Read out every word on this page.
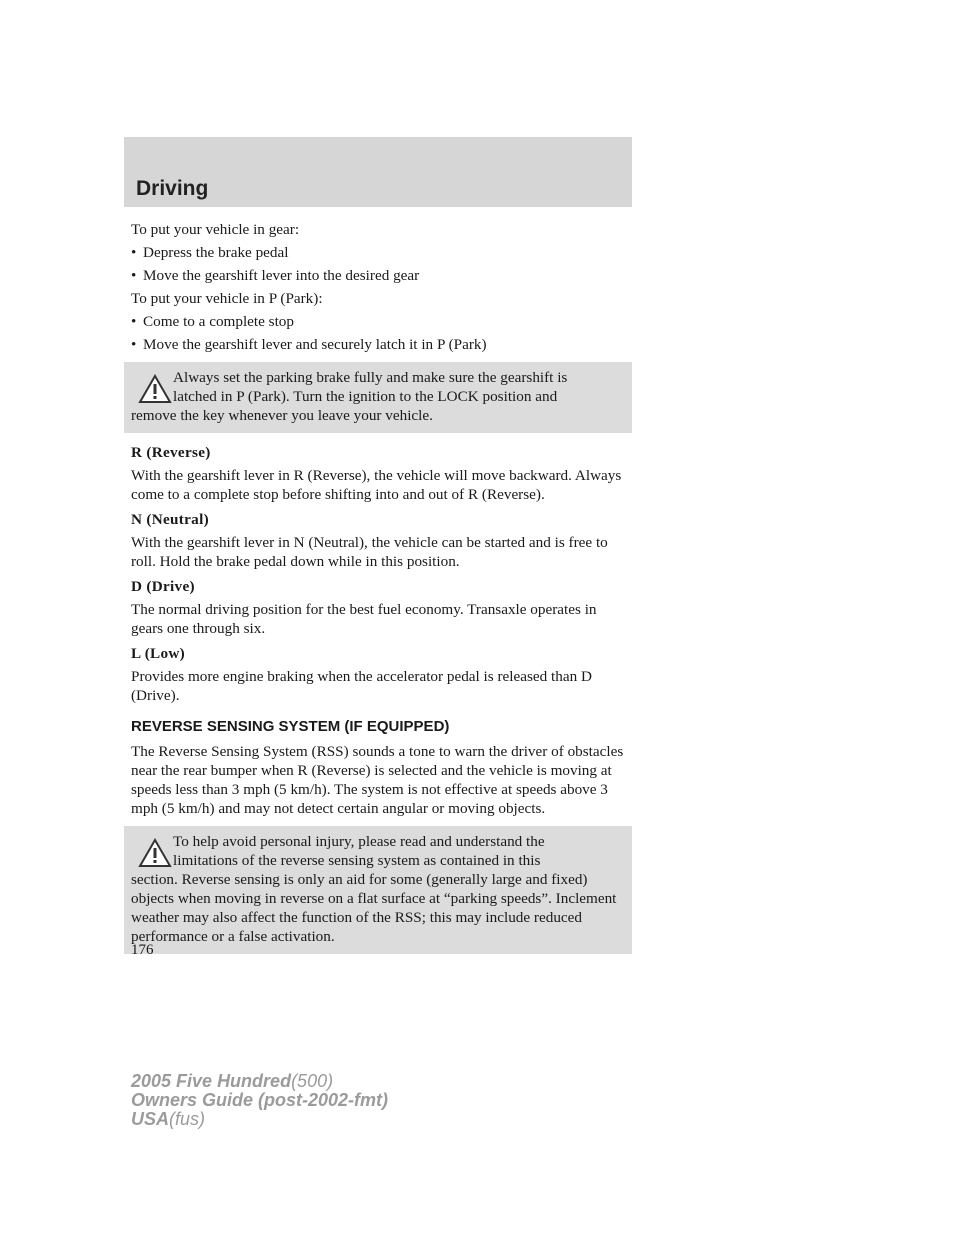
Driving

To put your vehicle in gear:

• Depress the brake pedal
• Move the gearshift lever into the desired gear

To put your vehicle in P (Park):

• Come to a complete stop
• Move the gearshift lever and securely latch it in P (Park)
Always set the parking brake fully and make sure the gearshift is
latched in P (Park). Turn the ignition to the LOCK position and
remove the key whenever you leave your vehicle.
R (Reverse)

With the gearshift lever in R (Reverse), the vehicle will move backward. Always come to a complete stop before shifting into and out of R (Reverse).

N (Neutral)

With the gearshift lever in N (Neutral), the vehicle can be started and is free to roll. Hold the brake pedal down while in this position.

D (Drive)

The normal driving position for the best fuel economy. Transaxle operates in gears one through six.

L (Low)

Provides more engine braking when the accelerator pedal is released than D (Drive).

REVERSE SENSING SYSTEM (IF EQUIPPED)

The Reverse Sensing System (RSS) sounds a tone to warn the driver of obstacles near the rear bumper when R (Reverse) is selected and the vehicle is moving at speeds less than 3 mph (5 km/h). The system is not effective at speeds above 3 mph (5 km/h) and may not detect certain angular or moving objects.

To help avoid personal injury, please read and understand the
limitations of the reverse sensing system as contained in this
section. Reverse sensing is only an aid for some (generally large and fixed) objects when moving in reverse on a flat surface at “parking speeds”. Inclement weather may also affect the function of the RSS; this may include reduced performance or a false activation.
176
2005 Five Hundred(500)
Owners Guide (post-2002-fmt)
USA(fus)
